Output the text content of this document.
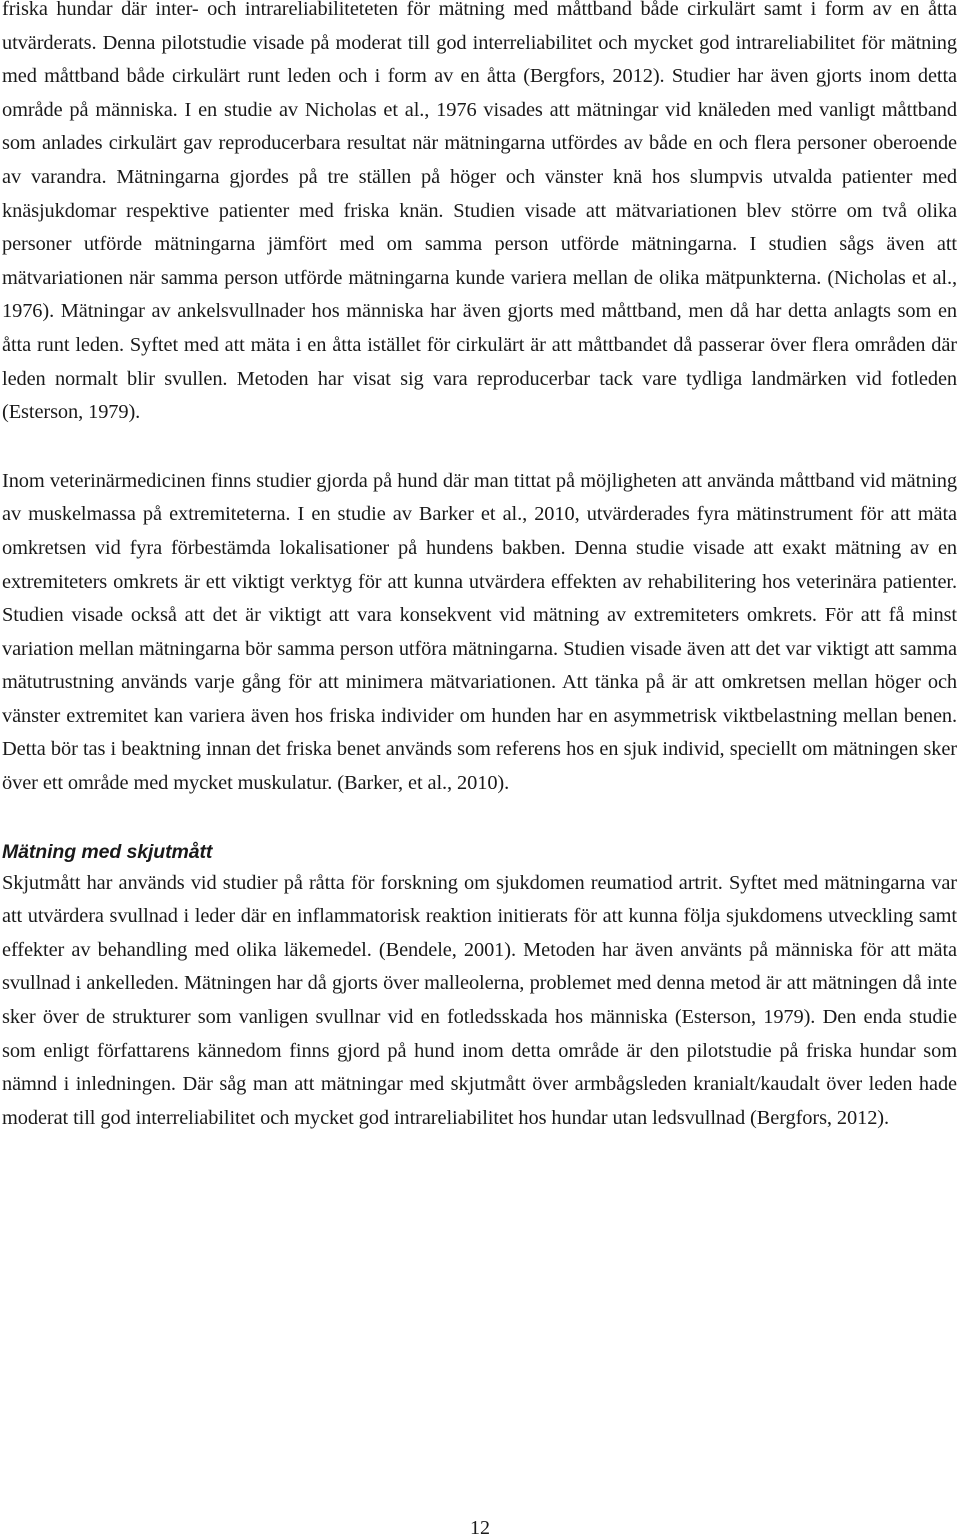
friska hundar där inter- och intrareliabiliteteten för mätning med måttband både cirkulärt samt i form av en åtta utvärderats. Denna pilotstudie visade på moderat till god interreliabilitet och mycket god intrareliabilitet för mätning med måttband både cirkulärt runt leden och i form av en åtta (Bergfors, 2012). Studier har även gjorts inom detta område på människa. I en studie av Nicholas et al., 1976 visades att mätningar vid knäleden med vanligt måttband som anlades cirkulärt gav reproducerbara resultat när mätningarna utfördes av både en och flera personer oberoende av varandra. Mätningarna gjordes på tre ställen på höger och vänster knä hos slumpvis utvalda patienter med knäsjukdomar respektive patienter med friska knän. Studien visade att mätvariationen blev större om två olika personer utförde mätningarna jämfört med om samma person utförde mätningarna. I studien sågs även att mätvariationen när samma person utförde mätningarna kunde variera mellan de olika mätpunkterna. (Nicholas et al., 1976). Mätningar av ankelsvullnader hos människa har även gjorts med måttband, men då har detta anlagts som en åtta runt leden. Syftet med att mäta i en åtta istället för cirkulärt är att måttbandet då passerar över flera områden där leden normalt blir svullen. Metoden har visat sig vara reproducerbar tack vare tydliga landmärken vid fotleden (Esterson, 1979).

Inom veterinärmedicinen finns studier gjorda på hund där man tittat på möjligheten att använda måttband vid mätning av muskelmassa på extremiteterna. I en studie av Barker et al., 2010, utvärderades fyra mätinstrument för att mäta omkretsen vid fyra förbestämda lokalisationer på hundens bakben. Denna studie visade att exakt mätning av en extremiteters omkrets är ett viktigt verktyg för att kunna utvärdera effekten av rehabilitering hos veterinära patienter. Studien visade också att det är viktigt att vara konsekvent vid mätning av extremiteters omkrets. För att få minst variation mellan mätningarna bör samma person utföra mätningarna. Studien visade även att det var viktigt att samma mätutrustning används varje gång för att minimera mätvariationen. Att tänka på är att omkretsen mellan höger och vänster extremitet kan variera även hos friska individer om hunden har en asymmetrisk viktbelastning mellan benen. Detta bör tas i beaktning innan det friska benet används som referens hos en sjuk individ, speciellt om mätningen sker över ett område med mycket muskulatur. (Barker, et al., 2010).

Mätning med skjutmått

Skjutmått har används vid studier på råtta för forskning om sjukdomen reumatiod artrit. Syftet med mätningarna var att utvärdera svullnad i leder där en inflammatorisk reaktion initierats för att kunna följa sjukdomens utveckling samt effekter av behandling med olika läkemedel. (Bendele, 2001). Metoden har även använts på människa för att mäta svullnad i ankelleden. Mätningen har då gjorts över malleolerna, problemet med denna metod är att mätningen då inte sker över de strukturer som vanligen svullnar vid en fotledsskada hos människa (Esterson, 1979). Den enda studie som enligt författarens kännedom finns gjord på hund inom detta område är den pilotstudie på friska hundar som nämnd i inledningen. Där såg man att mätningar med skjutmått över armbågsleden kranialt/kaudalt över leden hade moderat till god interreliabilitet och mycket god intrareliabilitet hos hundar utan ledsvullnad (Bergfors, 2012).

12
